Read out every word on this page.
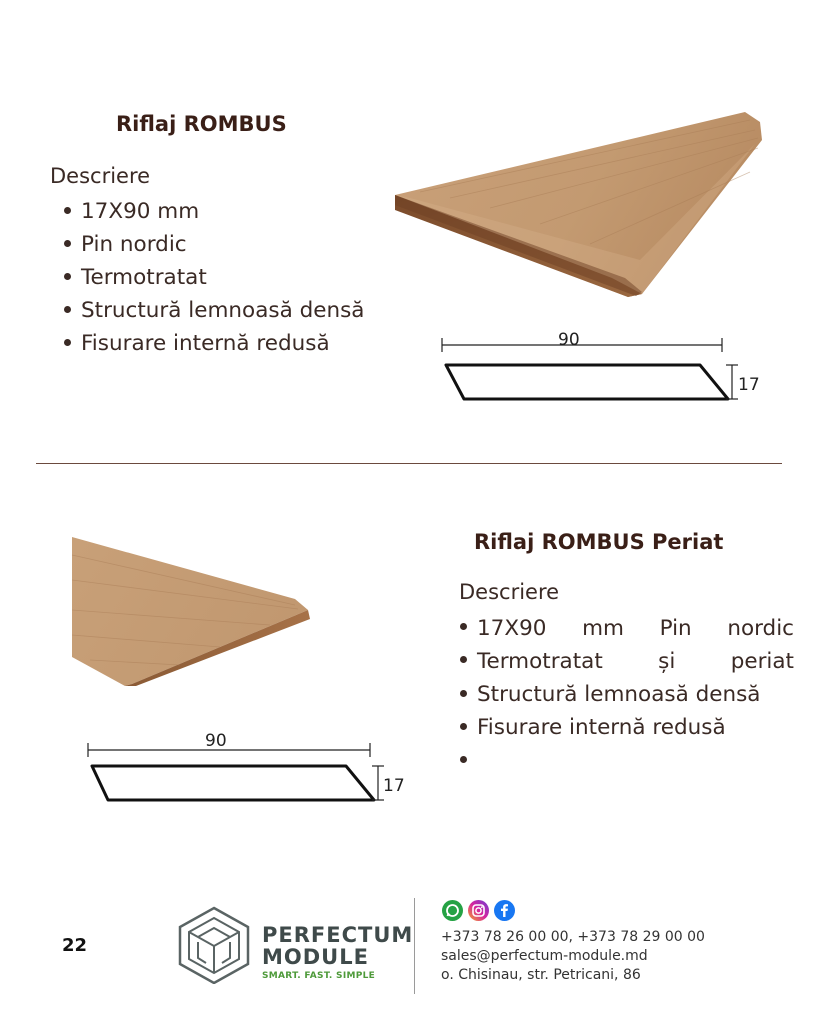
Riflaj ROMBUS
Descriere
17X90 mm
Pin nordic
Termotratat
Structură lemnoasă densă
Fisurare internă redusă	90
17
Riflaj ROMBUS Periat
Descriere
17X90 mm Pin nordic
Termotratat	și	periat
Structură lemnoasă densă
Fisurare internă redusă
90
17
22	PERFECTUM
MODULE
SMART. FAST. SIMPLE
+373 78 26 00 00, +373 78 29 00 00
sales@perfectum-module.md
o. Chisinau, str. Petricani, 86
